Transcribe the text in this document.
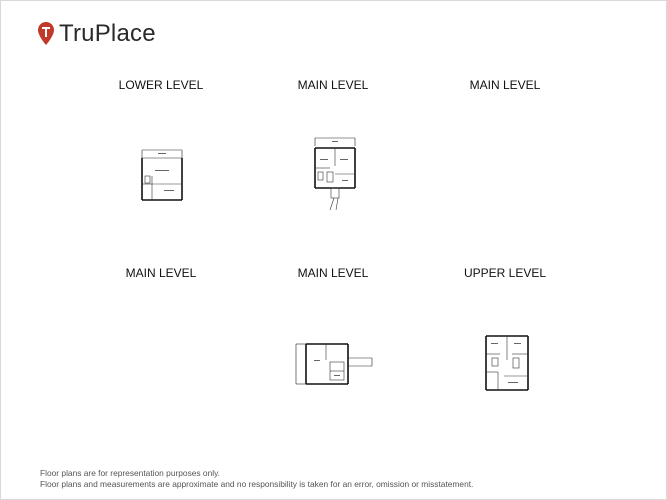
TruPlace
LOWER LEVEL	MAIN LEVEL	MAIN LEVEL
MAIN LEVEL	MAIN LEVEL	UPPER LEVEL
Floor plans are for representation purposes only.
Floor plans and measurements are approximate and no responsibility is taken for an error, omission or misstatement.
